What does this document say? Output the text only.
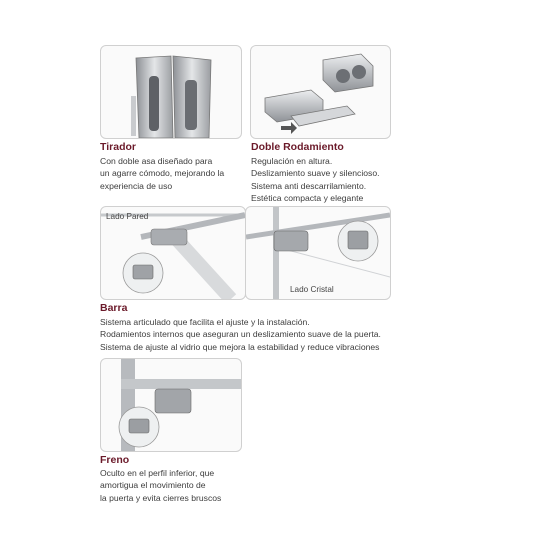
Tirador
Con doble asa diseñado para
un agarre cómodo, mejorando la
experiencia de uso
Doble Rodamiento
Regulación en altura.
Deslizamiento suave y silencioso.
Sistema anti descarrilamiento.
Estética compacta y elegante
Lado Pared
Lado Cristal
Barra
Sistema articulado que facilita el ajuste y la instalación.
Rodamientos internos que aseguran un deslizamiento suave de la puerta.
Sistema de ajuste al vidrio que mejora la estabilidad y reduce vibraciones
Freno
Oculto en el perfil inferior, que
amortigua el movimiento de
la puerta y evita cierres bruscos
